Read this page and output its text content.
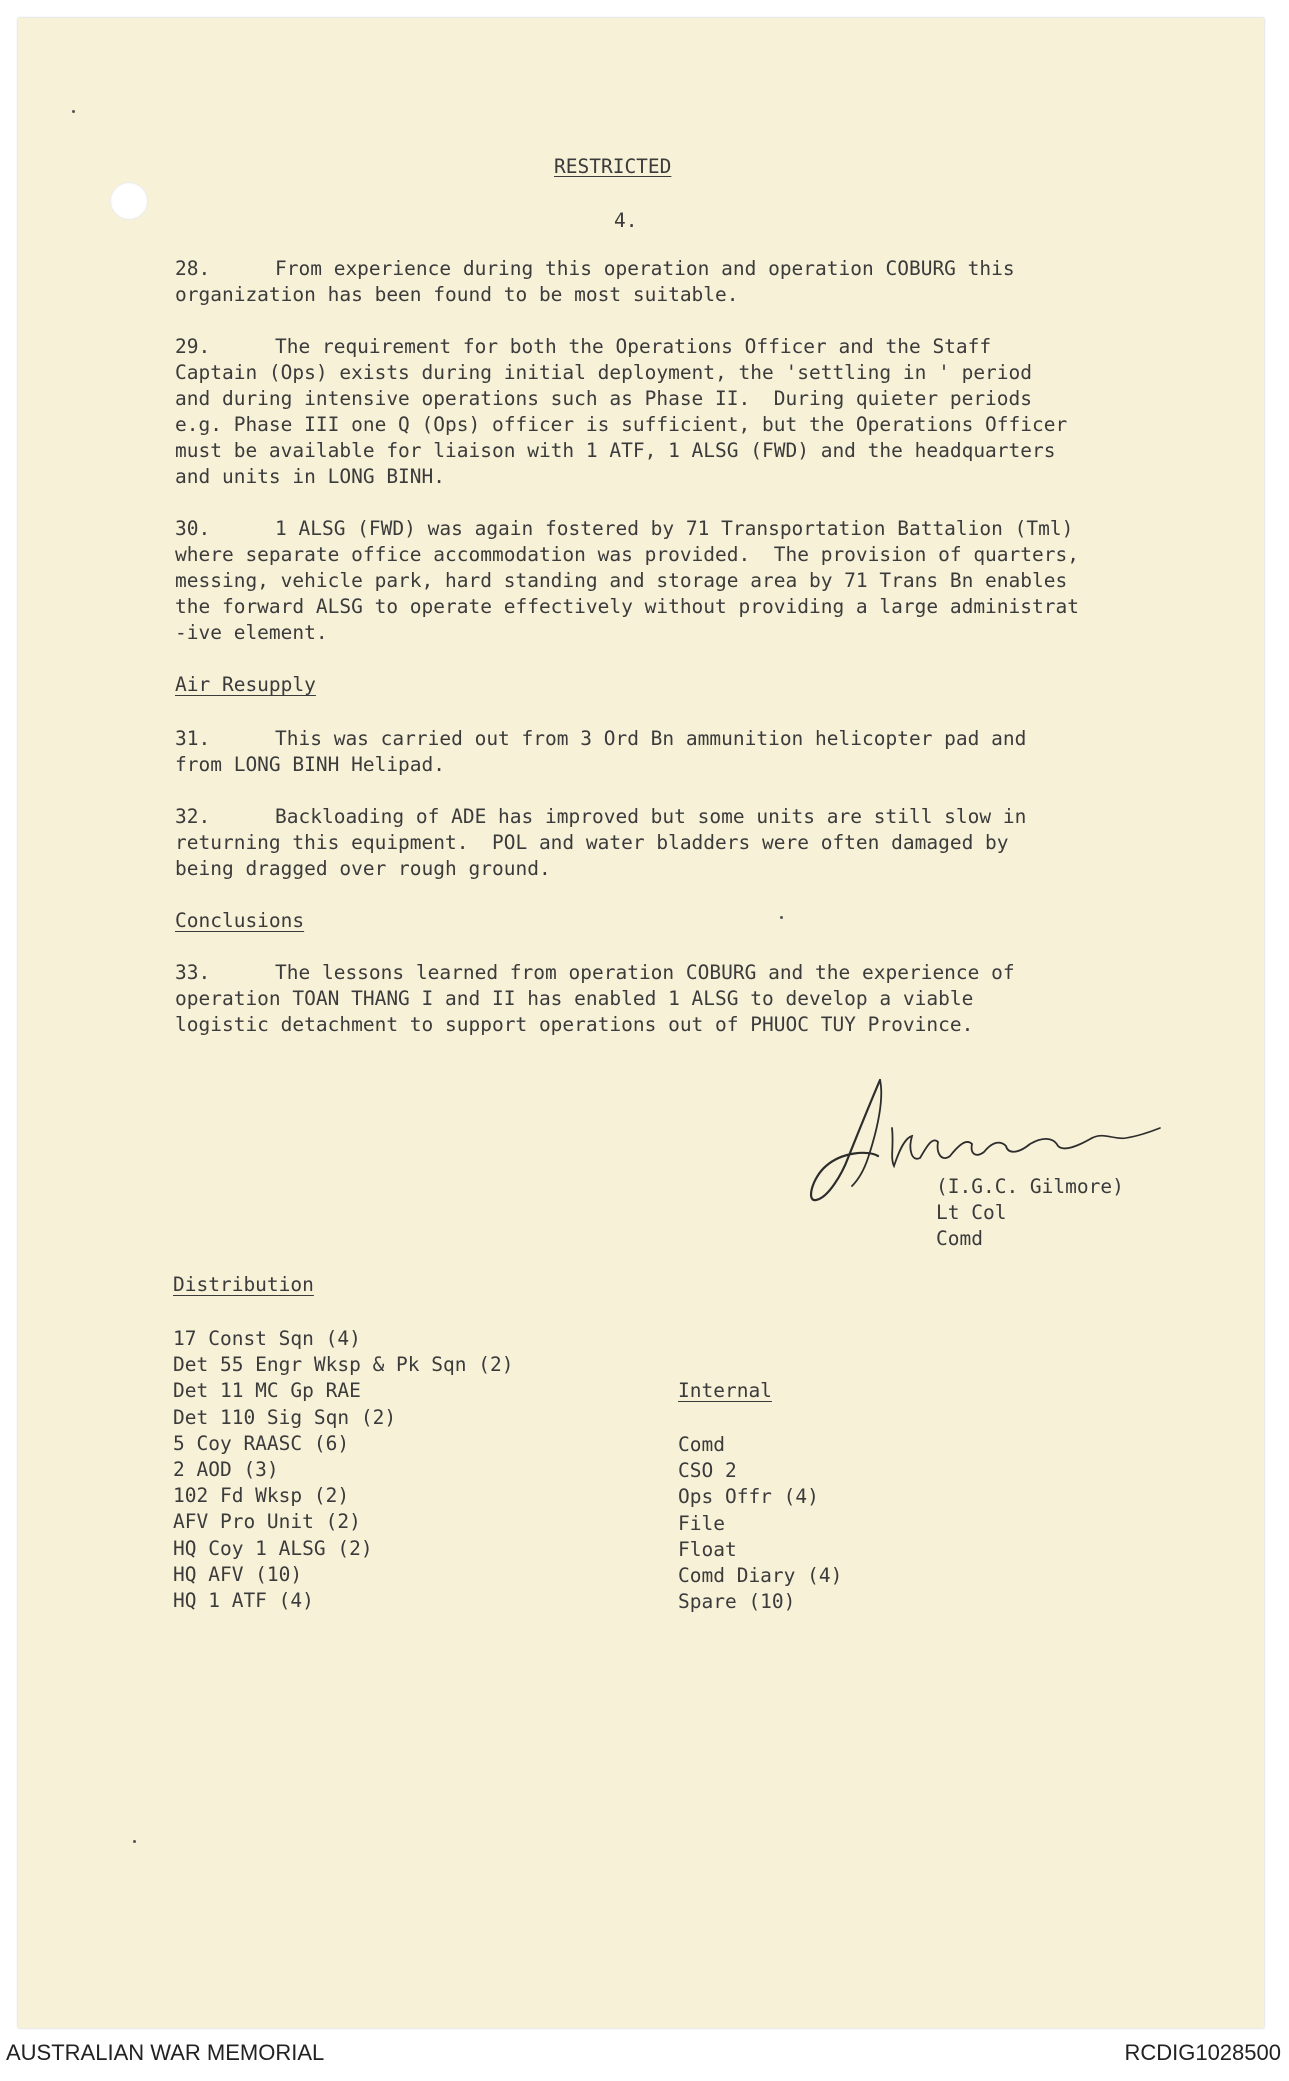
RESTRICTED
4.
28.	From experience during this operation and operation COBURG this
organization has been found to be most suitable.
29.	The requirement for both the Operations Officer and the Staff
Captain (Ops) exists during initial deployment, the 'settling in ' period
and during intensive operations such as Phase II.  During quieter periods
e.g. Phase III one Q (Ops) officer is sufficient, but the Operations Officer
must be available for liaison with 1 ATF, 1 ALSG (FWD) and the headquarters
and units in LONG BINH.
30.	1 ALSG (FWD) was again fostered by 71 Transportation Battalion (Tml)
where separate office accommodation was provided.  The provision of quarters,
messing, vehicle park, hard standing and storage area by 71 Trans Bn enables
the forward ALSG to operate effectively without providing a large administrat
-ive element.
Air Resupply
31.	This was carried out from 3 Ord Bn ammunition helicopter pad and
from LONG BINH Helipad.
32.	Backloading of ADE has improved but some units are still slow in
returning this equipment.  POL and water bladders were often damaged by
being dragged over rough ground.
Conclusions
33.	The lessons learned from operation COBURG and the experience of
operation TOAN THANG I and II has enabled 1 ALSG to develop a viable
logistic detachment to support operations out of PHUOC TUY Province.
(I.G.C. Gilmore)
Lt Col
Comd
Distribution
17 Const Sqn (4)
Det 55 Engr Wksp & Pk Sqn (2)
Det 11 MC Gp RAE
Det 110 Sig Sqn (2)
5 Coy RAASC (6)
2 AOD (3)
102 Fd Wksp (2)
AFV Pro Unit (2)
HQ Coy 1 ALSG (2)
HQ AFV (10)
HQ 1 ATF (4)
Internal
Comd
CSO 2
Ops Offr (4)
File
Float
Comd Diary (4)
Spare (10)
AUSTRALIAN WAR MEMORIAL	RCDIG1028500
